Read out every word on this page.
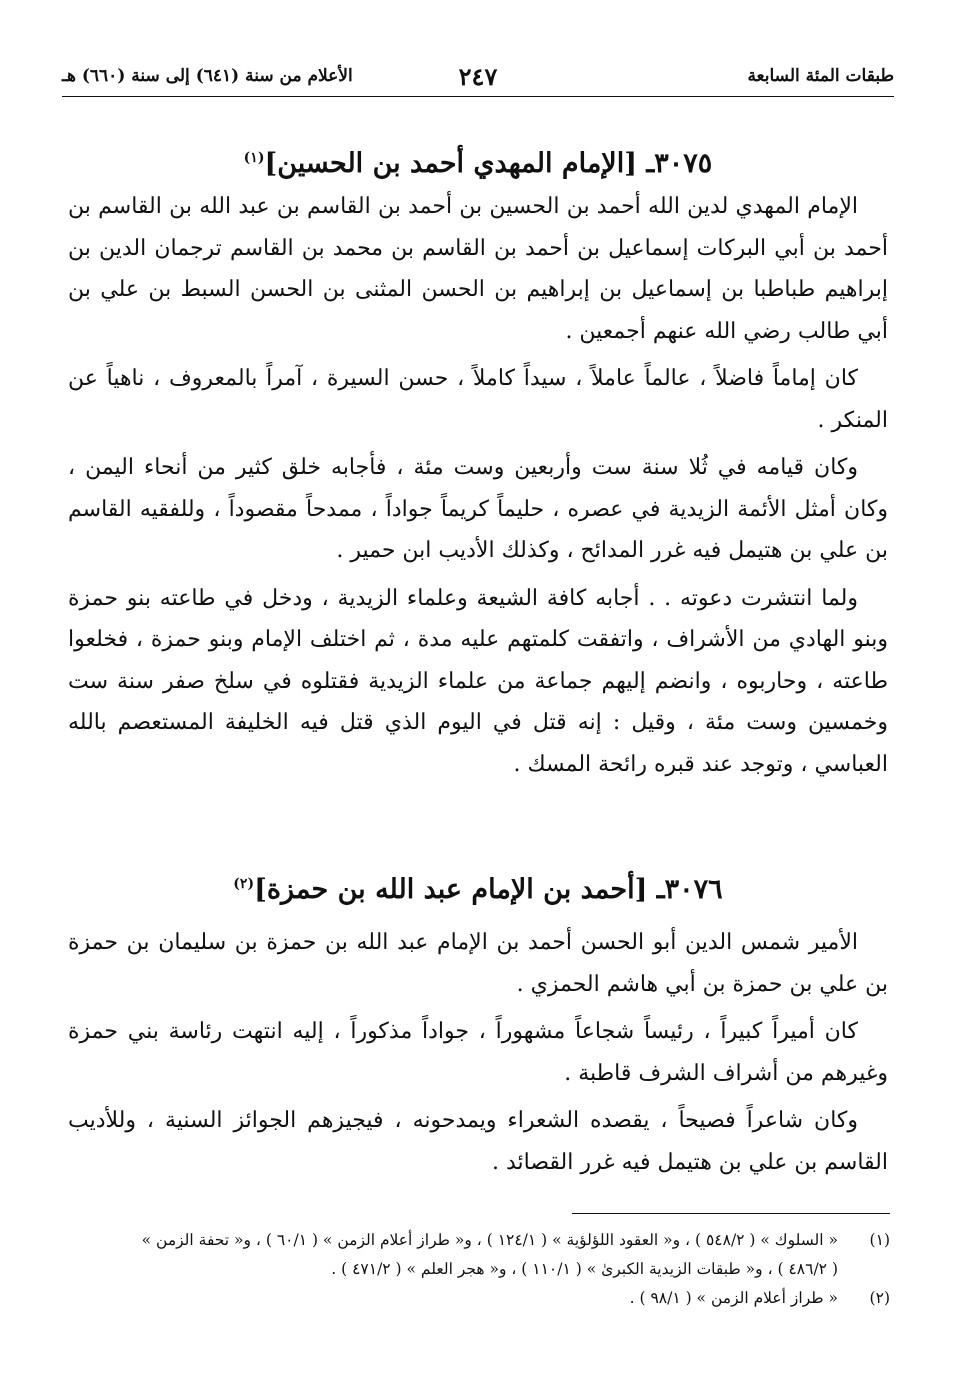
طبقات المئة السابعة
٢٤٧
الأعلام من سنة (٦٤١) إلى سنة (٦٦٠) هـ
٣٠٧٥ـ [الإمام المهدي أحمد بن الحسين]$^{(١)}$

الإمام المهدي لدين الله أحمد بن الحسين بن أحمد بن القاسم بن عبد الله بن القاسم بن أحمد بن أبي البركات إسماعيل بن أحمد بن القاسم بن محمد بن القاسم ترجمان الدين بن إبراهيم طباطبا بن إسماعيل بن إبراهيم بن الحسن المثنى بن الحسن السبط بن علي بن أبي طالب رضي الله عنهم أجمعين .

كان إماماً فاضلاً ، عالماً عاملاً ، سيداً كاملاً ، حسن السيرة ، آمراً بالمعروف ، ناهياً عن المنكر .

وكان قيامه في ثُلا سنة ست وأربعين وست مئة ، فأجابه خلق كثير من أنحاء اليمن ، وكان أمثل الأئمة الزيدية في عصره ، حليماً كريماً جواداً ، ممدحاً مقصوداً ، وللفقيه القاسم بن علي بن هتيمل فيه غرر المدائح ، وكذلك الأديب ابن حمير .

ولما انتشرت دعوته . . أجابه كافة الشيعة وعلماء الزيدية ، ودخل في طاعته بنو حمزة وبنو الهادي من الأشراف ، واتفقت كلمتهم عليه مدة ، ثم اختلف الإمام وبنو حمزة ، فخلعوا طاعته ، وحاربوه ، وانضم إليهم جماعة من علماء الزيدية فقتلوه في سلخ صفر سنة ست وخمسين وست مئة ، وقيل : إنه قتل في اليوم الذي قتل فيه الخليفة المستعصم بالله العباسي ، وتوجد عند قبره رائحة المسك .

٣٠٧٦ـ [أحمد بن الإمام عبد الله بن حمزة]$^{(٢)}$

الأمير شمس الدين أبو الحسن أحمد بن الإمام عبد الله بن حمزة بن سليمان بن حمزة بن علي بن حمزة بن أبي هاشم الحمزي .

كان أميراً كبيراً ، رئيساً شجاعاً مشهوراً ، جواداً مذكوراً ، إليه انتهت رئاسة بني حمزة وغيرهم من أشراف الشرف قاطبة .

وكان شاعراً فصيحاً ، يقصده الشعراء ويمدحونه ، فيجيزهم الجوائز السنية ، وللأديب القاسم بن علي بن هتيمل فيه غرر القصائد .

(١)
« السلوك » ( ٥٤٨/٢ ) ، و« العقود اللؤلؤية » ( ١٢٤/١ ) ، و« طراز أعلام الزمن » ( ٦٠/١ ) ، و« تحفة الزمن »
( ٤٨٦/٢ ) ، و« طبقات الزيدية الكبرىٰ » ( ١١٠/١ ) ، و« هجر العلم » ( ٤٧١/٢ ) .
(٢)
« طراز أعلام الزمن » ( ٩٨/١ ) .
